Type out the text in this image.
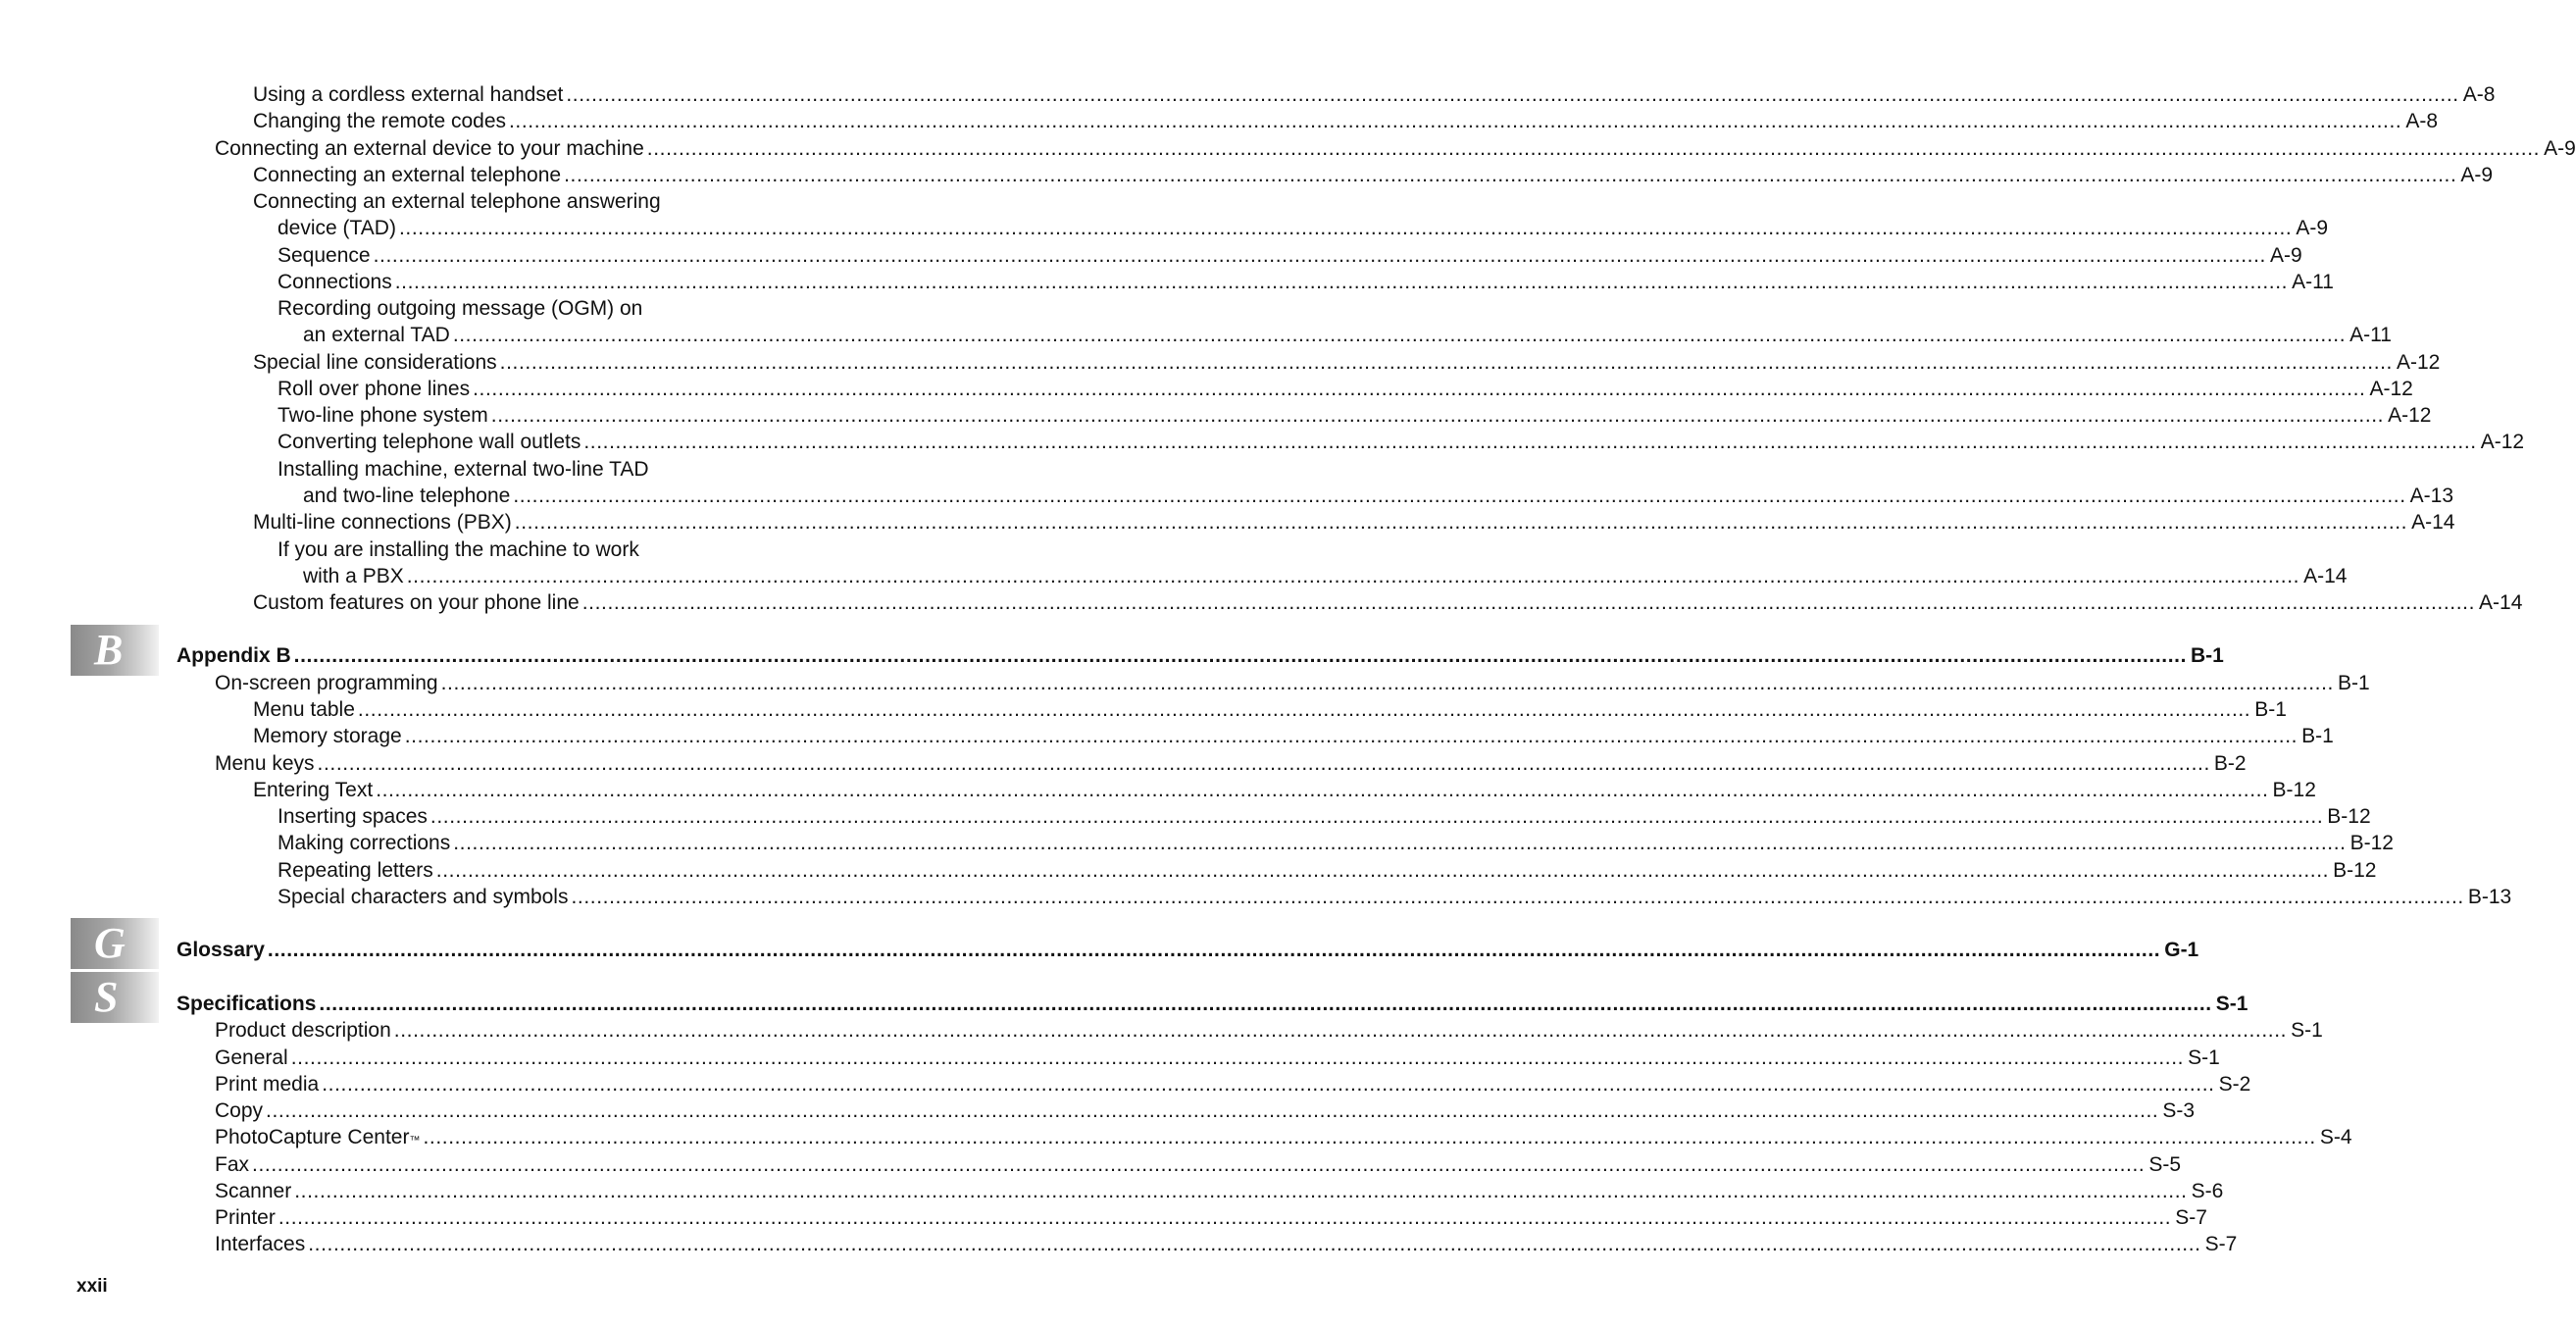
Using a cordless external handset ............................................................................................................................................................................................................................................................................................................ A-8
Changing the remote codes ............................................................................................................................................................................................................................................................................................................ A-8
Connecting an external device to your machine ............................................................................................................................................................................................................................................................................................................ A-9
Connecting an external telephone ............................................................................................................................................................................................................................................................................................................ A-9
Connecting an external telephone answering
device (TAD) ............................................................................................................................................................................................................................................................................................................ A-9
Sequence ............................................................................................................................................................................................................................................................................................................ A-9
Connections ............................................................................................................................................................................................................................................................................................................ A-11
Recording outgoing message (OGM) on
an external TAD ............................................................................................................................................................................................................................................................................................................ A-11
Special line considerations ............................................................................................................................................................................................................................................................................................................ A-12
Roll over phone lines ............................................................................................................................................................................................................................................................................................................ A-12
Two-line phone system ............................................................................................................................................................................................................................................................................................................ A-12
Converting telephone wall outlets ............................................................................................................................................................................................................................................................................................................ A-12
Installing machine, external two-line TAD
and two-line telephone ............................................................................................................................................................................................................................................................................................................ A-13
Multi-line connections (PBX) ............................................................................................................................................................................................................................................................................................................ A-14
If you are installing the machine to work
with a PBX ............................................................................................................................................................................................................................................................................................................ A-14
Custom features on your phone line ............................................................................................................................................................................................................................................................................................................ A-14
Appendix B ............................................................................................................................................................................................................................................................................................................ B-1
On-screen programming ............................................................................................................................................................................................................................................................................................................ B-1
Menu table ............................................................................................................................................................................................................................................................................................................ B-1
Memory storage ............................................................................................................................................................................................................................................................................................................ B-1
Menu keys ............................................................................................................................................................................................................................................................................................................ B-2
Entering Text ............................................................................................................................................................................................................................................................................................................ B-12
Inserting spaces ............................................................................................................................................................................................................................................................................................................ B-12
Making corrections ............................................................................................................................................................................................................................................................................................................ B-12
Repeating letters ............................................................................................................................................................................................................................................................................................................ B-12
Special characters and symbols ............................................................................................................................................................................................................................................................................................................ B-13
Glossary ............................................................................................................................................................................................................................................................................................................ G-1
Specifications ............................................................................................................................................................................................................................................................................................................ S-1
Product description ............................................................................................................................................................................................................................................................................................................ S-1
General ............................................................................................................................................................................................................................................................................................................ S-1
Print media ............................................................................................................................................................................................................................................................................................................ S-2
Copy ............................................................................................................................................................................................................................................................................................................ S-3
PhotoCapture Center ™ ............................................................................................................................................................................................................................................................................................................ S-4
Fax ............................................................................................................................................................................................................................................................................................................ S-5
Scanner ............................................................................................................................................................................................................................................................................................................ S-6
Printer ............................................................................................................................................................................................................................................................................................................ S-7
Interfaces ............................................................................................................................................................................................................................................................................................................ S-7
B
G
S
xxii
